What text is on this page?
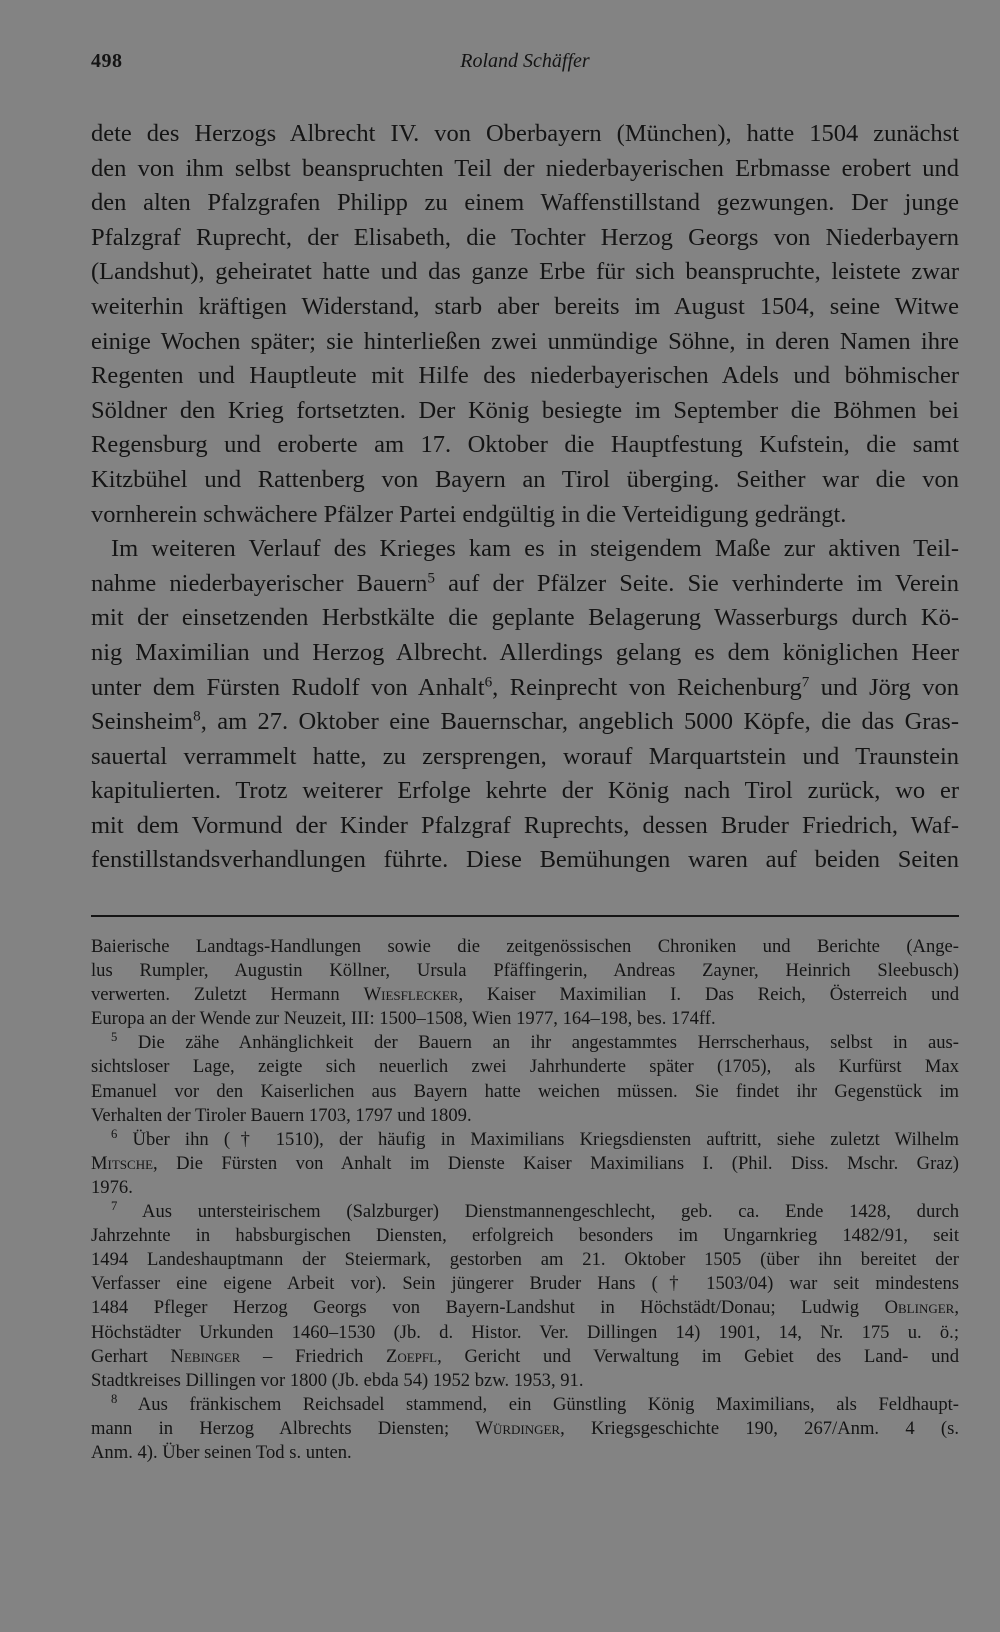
498	Roland Schäffer
dete des Herzogs Albrecht IV. von Oberbayern (München), hatte 1504 zunächst
den von ihm selbst beanspruchten Teil der niederbayerischen Erbmasse erobert und
den alten Pfalzgrafen Philipp zu einem Waffenstillstand gezwungen. Der junge
Pfalzgraf Ruprecht, der Elisabeth, die Tochter Herzog Georgs von Niederbayern
(Landshut), geheiratet hatte und das ganze Erbe für sich beanspruchte, leistete zwar
weiterhin kräftigen Widerstand, starb aber bereits im August 1504, seine Witwe
einige Wochen später; sie hinterließen zwei unmündige Söhne, in deren Namen ihre
Regenten und Hauptleute mit Hilfe des niederbayerischen Adels und böhmischer
Söldner den Krieg fortsetzten. Der König besiegte im September die Böhmen bei
Regensburg und eroberte am 17. Oktober die Hauptfestung Kufstein, die samt
Kitzbühel und Rattenberg von Bayern an Tirol überging. Seither war die von
vornherein schwächere Pfälzer Partei endgültig in die Verteidigung gedrängt.
Im weiteren Verlauf des Krieges kam es in steigendem Maße zur aktiven Teil-
nahme niederbayerischer Bauern$^5$ auf der Pfälzer Seite. Sie verhinderte im Verein
mit der einsetzenden Herbstkälte die geplante Belagerung Wasserburgs durch Kö-
nig Maximilian und Herzog Albrecht. Allerdings gelang es dem königlichen Heer
unter dem Fürsten Rudolf von Anhalt$^6$, Reinprecht von Reichenburg$^7$ und Jörg von
Seinsheim$^8$, am 27. Oktober eine Bauernschar, angeblich 5000 Köpfe, die das Gras-
sauertal verrammelt hatte, zu zersprengen, worauf Marquartstein und Traunstein
kapitulierten. Trotz weiterer Erfolge kehrte der König nach Tirol zurück, wo er
mit dem Vormund der Kinder Pfalzgraf Ruprechts, dessen Bruder Friedrich, Waf-
fenstillstandsverhandlungen führte. Diese Bemühungen waren auf beiden Seiten
Baierische Landtags-Handlungen sowie die zeitgenössischen Chroniken und Berichte (Ange-
lus Rumpler, Augustin Köllner, Ursula Pfäffingerin, Andreas Zayner, Heinrich Sleebusch)
verwerten. Zuletzt Hermann Wiesflecker, Kaiser Maximilian I. Das Reich, Österreich und
Europa an der Wende zur Neuzeit, III: 1500–1508, Wien 1977, 164–198, bes. 174ff.
$^5$ Die zähe Anhänglichkeit der Bauern an ihr angestammtes Herrscherhaus, selbst in aus-
sichtsloser Lage, zeigte sich neuerlich zwei Jahrhunderte später (1705), als Kurfürst Max
Emanuel vor den Kaiserlichen aus Bayern hatte weichen müssen. Sie findet ihr Gegenstück im
Verhalten der Tiroler Bauern 1703, 1797 und 1809.
$^6$ Über ihn († 1510), der häufig in Maximilians Kriegsdiensten auftritt, siehe zuletzt Wilhelm
Mitsche, Die Fürsten von Anhalt im Dienste Kaiser Maximilians I. (Phil. Diss. Mschr. Graz)
1976.
$^7$ Aus untersteirischem (Salzburger) Dienstmannengeschlecht, geb. ca. Ende 1428, durch
Jahrzehnte in habsburgischen Diensten, erfolgreich besonders im Ungarnkrieg 1482/91, seit
1494 Landeshauptmann der Steiermark, gestorben am 21. Oktober 1505 (über ihn bereitet der
Verfasser eine eigene Arbeit vor). Sein jüngerer Bruder Hans († 1503/04) war seit mindestens
1484 Pfleger Herzog Georgs von Bayern-Landshut in Höchstädt/Donau; Ludwig Oblinger,
Höchstädter Urkunden 1460–1530 (Jb. d. Histor. Ver. Dillingen 14) 1901, 14, Nr. 175 u. ö.;
Gerhart Nebinger – Friedrich Zoepfl, Gericht und Verwaltung im Gebiet des Land- und
Stadtkreises Dillingen vor 1800 (Jb. ebda 54) 1952 bzw. 1953, 91.
$^8$ Aus fränkischem Reichsadel stammend, ein Günstling König Maximilians, als Feldhaupt-
mann in Herzog Albrechts Diensten; Würdinger, Kriegsgeschichte 190, 267/Anm. 4 (s.
Anm. 4). Über seinen Tod s. unten.
